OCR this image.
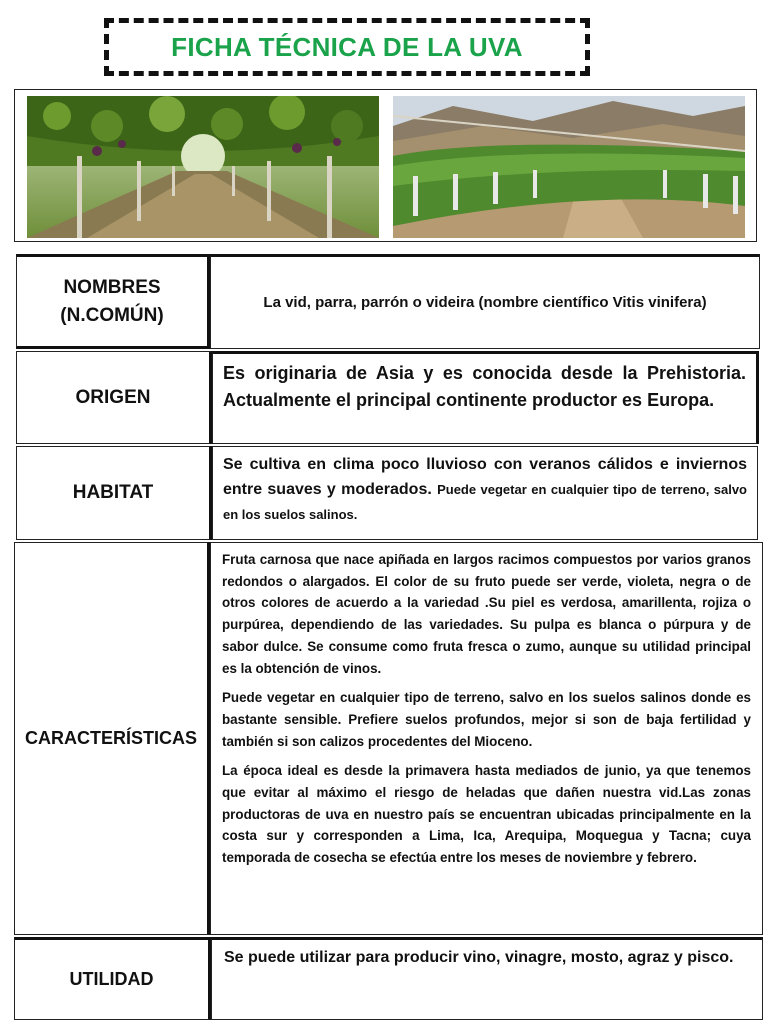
FICHA TÉCNICA DE LA UVA
NOMBRES
(N.COMÚN)
La vid, parra, parrón o videira (nombre científico Vitis vinifera)
ORIGEN
Es originaria de Asia y es conocida desde la Prehistoria. Actualmente el principal continente productor es Europa.
HABITAT
Se cultiva en clima poco lluvioso con veranos cálidos e inviernos entre suaves y moderados. Puede vegetar en cualquier tipo de terreno, salvo en los suelos salinos.
CARACTERÍSTICAS

Fruta carnosa que nace apiñada en largos racimos compuestos por varios granos redondos o alargados. El color de su fruto puede ser verde, violeta, negra o de otros colores de acuerdo a la variedad .Su piel es verdosa, amarillenta, rojiza o purpúrea, dependiendo de las variedades. Su pulpa es blanca o púrpura y de sabor dulce. Se consume como fruta fresca o zumo, aunque su utilidad principal es la obtención de vinos.

Puede vegetar en cualquier tipo de terreno, salvo en los suelos salinos donde es bastante sensible. Prefiere suelos profundos, mejor si son de baja fertilidad y también si son calizos procedentes del Mioceno.

La época ideal es desde la primavera hasta mediados de junio, ya que tenemos que evitar al máximo el riesgo de heladas que dañen nuestra vid.Las zonas productoras de uva en nuestro país se encuentran ubicadas principalmente en la costa sur y corresponden a Lima, Ica, Arequipa, Moquegua y Tacna; cuya temporada de cosecha se efectúa entre los meses de noviembre y febrero.

UTILIDAD
Se puede utilizar para producir vino, vinagre, mosto, agraz y pisco.
